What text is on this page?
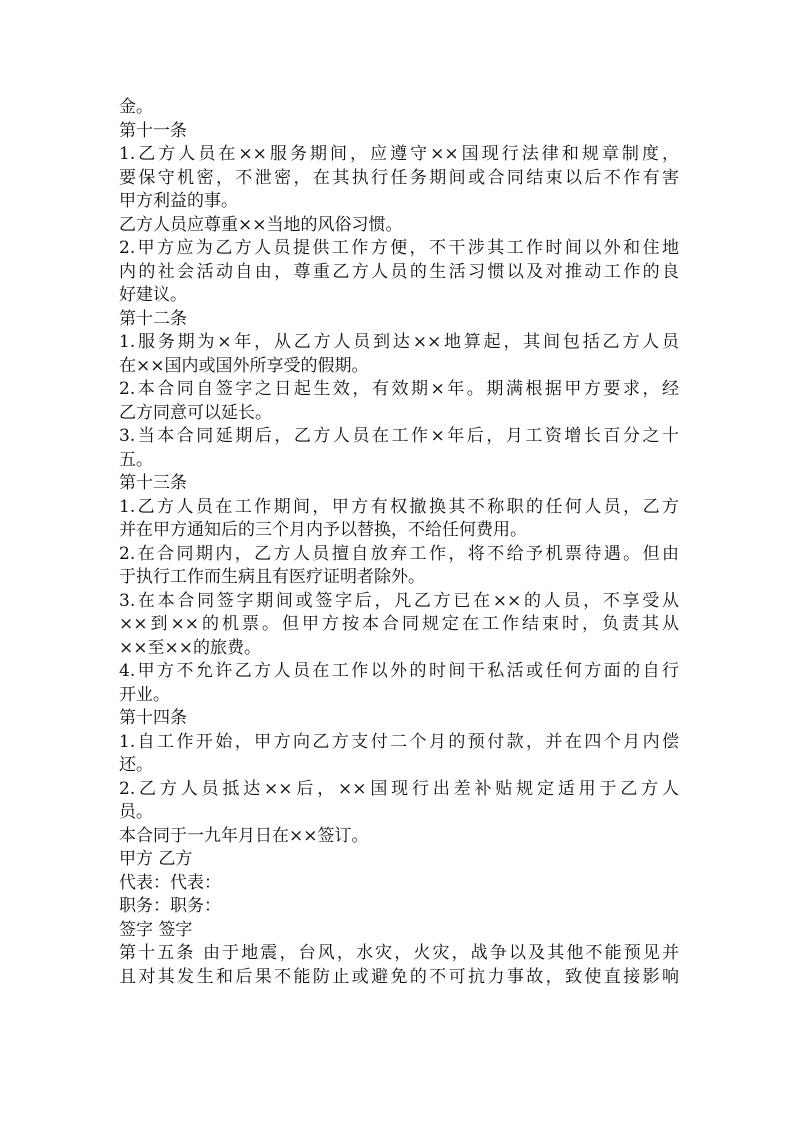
金。
第十一条
1.乙方人员在××服务期间，应遵守××国现行法律和规章制度，
要保守机密，不泄密，在其执行任务期间或合同结束以后不作有害
甲方利益的事。
乙方人员应尊重××当地的风俗习惯。
2.甲方应为乙方人员提供工作方便，不干涉其工作时间以外和住地
内的社会活动自由，尊重乙方人员的生活习惯以及对推动工作的良
好建议。
第十二条
1.服务期为×年，从乙方人员到达××地算起，其间包括乙方人员
在××国内或国外所享受的假期。
2.本合同自签字之日起生效，有效期×年。期满根据甲方要求，经
乙方同意可以延长。
3.当本合同延期后，乙方人员在工作×年后，月工资增长百分之十
五。
第十三条
1.乙方人员在工作期间，甲方有权撤换其不称职的任何人员，乙方
并在甲方通知后的三个月内予以替换，不给任何费用。
2.在合同期内，乙方人员擅自放弃工作，将不给予机票待遇。但由
于执行工作而生病且有医疗证明者除外。
3.在本合同签字期间或签字后，凡乙方已在××的人员，不享受从
××到××的机票。但甲方按本合同规定在工作结束时，负责其从
××至××的旅费。
4.甲方不允许乙方人员在工作以外的时间干私活或任何方面的自行
开业。
第十四条
1.自工作开始，甲方向乙方支付二个月的预付款，并在四个月内偿
还。
2.乙方人员抵达××后，××国现行出差补贴规定适用于乙方人
员。
本合同于一九年月日在××签订。
甲方 乙方
代表：代表：
职务：职务：
签字 签字
第十五条 由于地震，台风，水灾，火灾，战争以及其他不能预见并
且对其发生和后果不能防止或避免的不可抗力事故，致使直接影响
